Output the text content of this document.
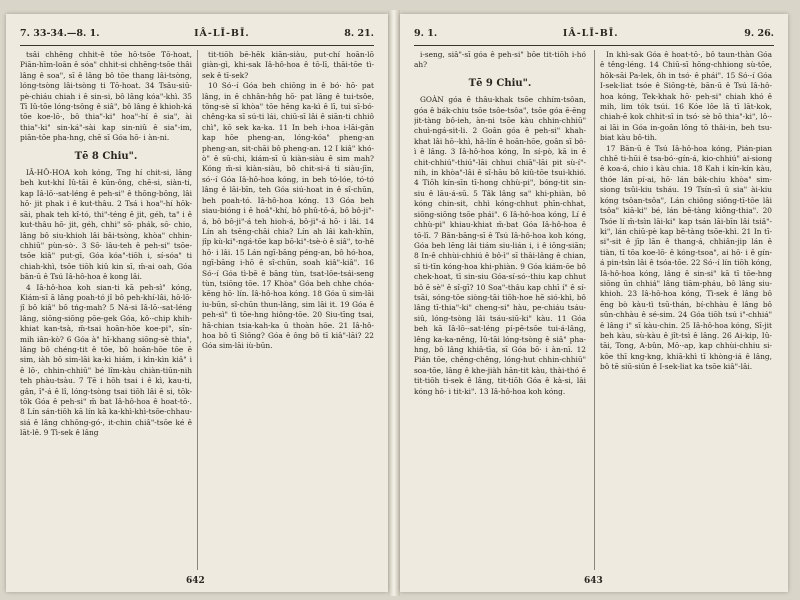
7. 33-34.—8. 1.	IÂ-LĪ-BĪ.	8. 21.

tsâi chhēng chhit-ê tōe hō·tsōe Tō-hoat, Piān-hīm-loān ê sóa" chhit-si chhēng-tsōe thâi lâng ê soa", sī ê lâng bô tōe thang lâi-tsòng, lóng-tsòng lâi-tsòng ti Tō-hoat. 34 Tsāu-siū-pè-chiáu chiah i ê sin-si, bô lâng kóa"-khì. 35 Tī Iû-tōe lóng-tsông ê siâ", bô lâng ê khioh-ká tōe koe-lō·, bô thia"-ki" hoa"-hí ê sia", ài thia"-ki" sin-ká"-sài kap sin-niû ê sia"-im, piān-tōe pha-hng, chē sī Góa hō· i àn-ni.

Tē 8 Chiu".

IÂ-HÔ-HOA koh kóng, Tng hí chit-si, lâng beh kut-khí Iû-tāi ê kūn-ông, chē-si, siàn-ti, kap Iâ-lō·-sat-léng ê peh-si" ê thōng-bōng, lâi hō· jit phak i ê kut-thâu. 2 Tsá i hoa"-hí hōk-sāi, phak teh kî-tó, thi"-téng ê jit, géh, ta" i ê kut-thâu hō· jit, géh, chhi" sō· phák, sō· chio, lâng bô siu-khioh lâi bâi-tsòng, khòa" chhin-chhiū" pùn-sò·. 3 Sō· lâu-teh ê peh-si" tsōe-tsōe kiâ" put-gī, Góa kóa"-tiōh i, sí-sóa" ti chiah-khì, tsōe tiōh kiû kin sī, m̄-ai oah, Góa bān-ū ê Tsú Iâ-hô-hoa ê kong lâi.

4 Iâ-hô-hoa koh sian-ti kā peh-sì" kóng, Kiám-sī ā lâng poah-tó jî bô peh-khí-lâi, hō·lō· jî bô kiâ" bô tńg-mah? 5 Ná-si Iâ-lō·-sat-léng lâng, siōng-siōng pōe-gek Góa, kô·-chip khih-khiat kan-tsà, m̄-tsai hoān-hōe koe-pi", sîn-mih iân-kò? 6 Góa à" hī-khang siōng-sè thia", lâng bô chéng-tit ê tōe, bô hoān-hōe tōe ē sim, iàh bô sim-lāi ka-ki hiám, i kìn-kìn kiâ" i ê lō·, chhin-chhiū" bé lîm-kàu chiàn-tiūn-nih teh phàu-tsàu. 7 Tē i hōh tsai i ê kì, kau-ti, gân, î"-á ê lî, lóng-tsòng tsai tiōh lâi ê si, tōk-tōk Góa ê peh-si" m̄ bat Iâ-hô-hoa ê hoat-tō·. 8 Lín sán-tiōh kā lín kā ka-khì-khì-tsōe-chhau-siá ê lâng chhōng-gó·, it-chin chiâ"-tsōe ké ê lāt-lê. 9 Tì-sek ê lâng

tit-tiōh bē-hēk kiān-siàu, put-chí hoān-lō giàn-gì, khi-sak Iâ-hô-hoa ê tō-lī, thāi-tōe tì-sek ê tī-sek?

10 Só·-í Góa beh chiōng in ê bó· hō· pat lâng, in ê chhân-hn̂g hō· pat lâng ê tui-tsôe, tōng-sè sī khòa" tōe hēng ka-kì ê lī, tui sī-bó· chêng-ka sī sú-ti lái, chiū-sī lâi ê siān-ti chhiô chì", kō sek ka-ka. 11 In beh i-hoa i-lāi-gān kap hōe pheng-an, lóng-kóa" pheng-an pheng-an, sit-chāi bô pheng-an. 12 I kiâ" khó-ò" ê sū-chi, kiám-sī ū kiàn-siàu ê sim mah? Kóng m̄-si kiàn-siàu, bô chit-si-á ti siàu-jīn, só·-í Góa Iâ-hô-hoa kóng, in beh tó-lóe, tó-tó lâng ê lāi-bīn, teh Góa siú-hoat in ê sî-chūn, beh poah-tó. Iâ-hô-hoa kóng. 13 Góa beh siau-bióng i ê hoâ"-khí, bô phû-tô-á, bô bô-ji"-á, bô bô-ji"-á teh hioh-á, bô-ji"-á hō· i lâi. 14 Lín ah tsēng-chāi chia? Lín ah lâi kah-khīn, jîp kù-ki"-ngá-tōe kap bō-ki"-tsè-ò ê siâ", to-hē hō· i lâi. 15 Lán ngī-bāng péng-an, bô hó-hoa, ngī-bāng i-hō ê sî-chūn, soah kiâ"-kiâ". 16 Só·-í Góa tì-bē ê bāng tùn, tsat-lōe-tsái-seng tùn, tsiōng tōe. 17 Khòa" Góa beh chhe chóa-kēng hō· lín. Iâ-hô-hoa kóng. 18 Góa ū sim-lāi iu-būn, sî-chūn thun-lâng, sim lâi it. 19 Góa ê peh-sì" tì tōe-hng hiông-tōe. 20 Siu-tīng tsai, hā-chian tsia-kah-ka ū thoàn hōe. 21 Iâ-hô-hoa bô tī Siōng? Góa ê ông bô tī kiâ"-lāi? 22 Góa sim-lāi iù-būn.

642
9. 1.	IÂ-LĪ-BĪ.	9. 26.

i-seng, siâ"-sī góa ê peh-si" bōe tit-tiōh i-hó ah?

Tē 9 Chiu".

GOÀN góa ê thâu-khak tsōe chhím-tsôan, góa ê bák-chiu tsōe tsôe-tsôa", tsōe góa ē-ēng jit-tàng bô-ieh, àn-ni tsōe kàu chhin-chhiū" chuì-ngá-sit-li. 2 Goân góa ê peh-si" khah-khat lâi hō·-khì, hā-lín ê hoān-hōe, goân sī bô-ì ê lâng. 3 Iâ-hô-hoa kóng, In sí-pò, kā in ê chit-chhiú"-thiú"-lāi chhui chiā"-lāi pit sù-í"-nih, in khòa"-lâi ê sî-hāu bô kiû-tōe tsui-khió. 4 Tiōh kín-sīn tī-hong chhù-pi", bóng-tit sin-siu ê lāu-á-sū. 5 Tâk lâng sa" khi-phiàn, bô kóng chin-sit, chhì kóng-chhut phīn-chhat, siōng-siōng tsōe phái". 6 Iâ-hô-hoa kóng, Lí ê chhù-pi" khiau-khiat m̄-bat Góa Iâ-hô-hoa ê tō-lī. 7 Bān-bāng-sī ê Tsú Iâ-hô-hoa koh kóng, Góa beh lēng lâi tiám siu-lián i, i ê iōng-siān; 8 In-ê chhùi-chhiú ê bô-ì" sī thâi-lâng ê chian, sī ti-tīn kóng-hoa khi-phiàn. 9 Góa kiám-ōe bô chek-hoat, tī sin-siu Góa-sí-só·-thiu kap chhut bô ē sè" ê sî-gī? 10 Soa"-thâu kap chhī í" ê sí-tsāi, sóng-tōe siòng-tāi tiōh-hoe hē sió-khì, bô lâng tī-thia"-ki" cheng-si" hàu, pe-chiáu tsáu-siû, lóng-tsòng lâi tsáu-siū-ki" kàu. 11 Góa beh kā Iâ-lō·-sat-léng pí-pē-tsōe tui-á-lâng, lêng ka-ka-nêng, Iû-tāi lóng-tsòng ê siâ" pha-hng, bô lâng khiâ-tīa, sī Góa bō· i àn-nī. 12 Pián tōe, chêng-chêng, lóng-hut chhin-chhiū" soa-tōe, lâng ê khe-jiàh hān-tit kàu, thài-thó ē tit-tiōh ti-sek ê lâng, tit-tiōh Góa ê kà-si, lâi kóng hō· i tit-ki". 13 Iâ-hô-hoa koh kóng.

In khì-sak Góa ê hoat-tō·, bô taun-thàn Góa ê têng-léng. 14 Chiū-sī hōng-chhiong sù-tōe, hōk-sāi Pa-lek, ôh in tsó· ê phái". 15 Só·-í Góa I-sek-liat tsóe ê Siōng-tè, bān-ū ê Tsú Iâ-hô-hoa kóng, Tek-khak hō· peh-si" chiah khó ê mih, lim tók tsúi. 16 Kóe lôe lā tī lāt-kok, chiah-ē kok chhit-sī in tsó· sè bō thia"-ki", lô·-ai lāi in Góa in-goân lōng tō thâi-in, beh tsu-biat kàu bô-tih.

17 Bān-ū ê Tsú Iâ-hô-hoa kóng, Pián-pian chhē ti-hūi ê tsa-bó·-gín-á, kio-chhiú" ai-siong ê koa-á, chio i kàu chia. 18 Kah i kín-kín kàu, thóe lán pí-ai, hō· lán bák-chiu khòa" sim-siong tsûi-kiu tsháu. 19 Tsín-sī ū sia" ài-kiu kóng tsôan-tsôa", Lán chiông siông-tī-tōe lâi tsôa" kiā-ki" bé, lán bē-tàng kiông-thia". 20 Tsóe lí m̄-tsìn lāi-ki" kap tsán lāi-bīn lâi tsiâ"-ki", lán chiū-pè kap bē-tàng tsōe-khì. 21 In tī-si"-sit ê jīp lān ê thang-á, chhiân-jip lán ê tiàn, tī tōa koe-lō· ê kóng-tsoa", ai hō· i ê gín-á pin-tsìn lâi ê tsóa-tōe. 22 Só·-í lín tiōh kóng, Iâ-hô-hoa kóng, lâng ê sin-si" kā tī tōe-hng siōng ūn chhiá" lâng tiām-pháu, bô lâng siu-khioh. 23 Iâ-hô-hoa kóng, Tì-sek ê lâng bô ēng bò kàu-tì tsū-thán, bí-chhàu ê lâng bô sûn-chhàu ê sé-sim. 24 Góa tiōh tsú i"-chhiá" ê lâng i" sī kàu-chin. 25 Iâ-hô-hoa kóng, Sī-jit beh kàu, sù-kàu ê jît-tsì ê lâng. 26 Ai-kip, Iû-tāi, Tong, A-bûn, Mō·-ap, kap chhùi-chhiu si-kōe thī kng-kng, khiā-khì tī khòng-iá ê lâng, bô tē siū-siūn ê I-sek-liat ka tsōe kiâ"-lâi.

643
